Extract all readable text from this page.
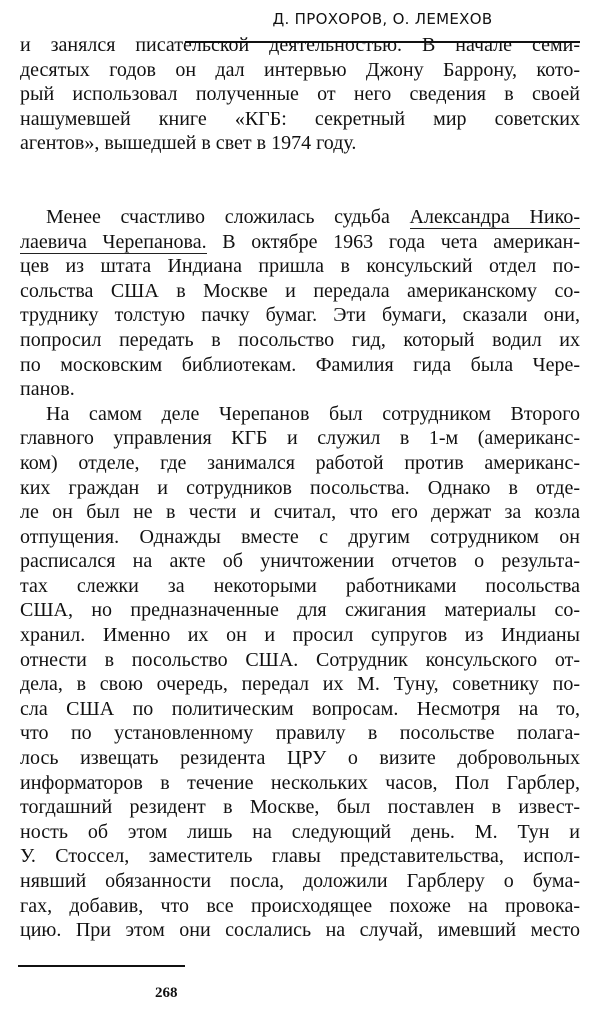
Д. ПРОХОРОВ, О. ЛЕМЕХОВ
и занялся писательской деятельностью. В начале семи-
десятых годов он дал интервью Джону Баррону, кото-
рый использовал полученные от него сведения в своей
нашумевшей книге «КГБ: секретный мир советских
агентов», вышедшей в свет в 1974 году.
Менее счастливо сложилась судьба Александра Нико-
лаевича Черепанова. В октябре 1963 года чета американ-
цев из штата Индиана пришла в консульский отдел по-
сольства США в Москве и передала американскому со-
труднику толстую пачку бумаг. Эти бумаги, сказали они,
попросил передать в посольство гид, который водил их
по московским библиотекам. Фамилия гида была Чере-
панов.
На самом деле Черепанов был сотрудником Второго
главного управления КГБ и служил в 1-м (американс-
ком) отделе, где занимался работой против американс-
ких граждан и сотрудников посольства. Однако в отде-
ле он был не в чести и считал, что его держат за козла
отпущения. Однажды вместе с другим сотрудником он
расписался на акте об уничтожении отчетов о результа-
тах слежки за некоторыми работниками посольства
США, но предназначенные для сжигания материалы со-
хранил. Именно их он и просил супругов из Индианы
отнести в посольство США. Сотрудник консульского от-
дела, в свою очередь, передал их М. Туну, советнику по-
сла США по политическим вопросам. Несмотря на то,
что по установленному правилу в посольстве полага-
лось извещать резидента ЦРУ о визите добровольных
информаторов в течение нескольких часов, Пол Гарблер,
тогдашний резидент в Москве, был поставлен в извест-
ность об этом лишь на следующий день. М. Тун и
У. Стоссел, заместитель главы представительства, испол-
нявший обязанности посла, доложили Гарблеру о бума-
гах, добавив, что все происходящее похоже на провока-
цию. При этом они сослались на случай, имевший место
268
